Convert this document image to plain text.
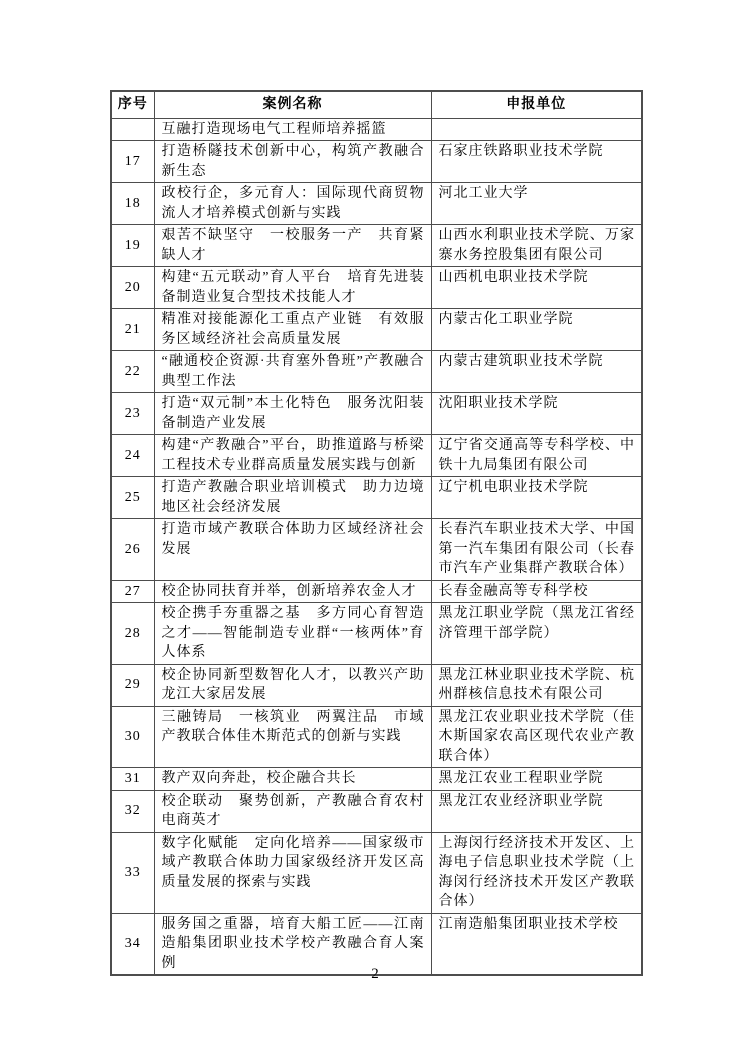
序号	案例名称	申报单位
	互融打造现场电气工程师培养摇篮	
17	打造桥隧技术创新中心，构筑产教融合新生态	石家庄铁路职业技术学院
18	政校行企，多元育人：国际现代商贸物流人才培养模式创新与实践	河北工业大学
19	艰苦不缺坚守　一校服务一产　共育紧缺人才	山西水利职业技术学院、万家寨水务控股集团有限公司
20	构建“五元联动”育人平台　培育先进装备制造业复合型技术技能人才	山西机电职业技术学院
21	精准对接能源化工重点产业链　有效服务区域经济社会高质量发展	内蒙古化工职业学院
22	“融通校企资源·共育塞外鲁班”产教融合典型工作法	内蒙古建筑职业技术学院
23	打造“双元制”本土化特色　服务沈阳装备制造产业发展	沈阳职业技术学院
24	构建“产教融合”平台，助推道路与桥梁工程技术专业群高质量发展实践与创新	辽宁省交通高等专科学校、中铁十九局集团有限公司
25	打造产教融合职业培训模式　助力边境地区社会经济发展	辽宁机电职业技术学院
26	打造市域产教联合体助力区域经济社会发展	长春汽车职业技术大学、中国第一汽车集团有限公司（长春市汽车产业集群产教联合体）
27	校企协同扶育并举，创新培养农金人才	长春金融高等专科学校
28	校企携手夯重器之基　多方同心育智造之才——智能制造专业群“一核两体”育人体系	黑龙江职业学院（黑龙江省经济管理干部学院）
29	校企协同新型数智化人才，以教兴产助龙江大家居发展	黑龙江林业职业技术学院、杭州群核信息技术有限公司
30	三融铸局　一核筑业　两翼注品　市域产教联合体佳木斯范式的创新与实践	黑龙江农业职业技术学院（佳木斯国家农高区现代农业产教联合体）
31	教产双向奔赴，校企融合共长	黑龙江农业工程职业学院
32	校企联动　聚势创新，产教融合育农村电商英才	黑龙江农业经济职业学院
33	数字化赋能　定向化培养——国家级市域产教联合体助力国家级经济开发区高质量发展的探索与实践	上海闵行经济技术开发区、上海电子信息职业技术学院（上海闵行经济技术开发区产教联合体）
34	服务国之重器，培育大船工匠——江南造船集团职业技术学校产教融合育人案例	江南造船集团职业技术学校
2
